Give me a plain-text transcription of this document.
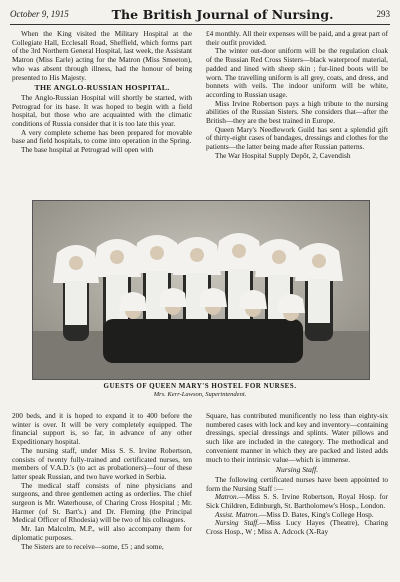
October 9, 1915	The British Journal of Nursing.	293

When the King visited the Military Hospital at the Collegiate Hall, Ecclesall Road, Sheffield, which forms part of the 3rd Northern General Hospital, last week, the Assistant Matron (Miss Earle) acting for the Matron (Miss Smeeton), who was absent through illness, had the honour of being presented to His Majesty.

THE ANGLO-RUSSIAN HOSPITAL.

The Anglo-Russian Hospital will shortly be started, with Petrograd for its base. It was hoped to begin with a field hospital, but those who are acquainted with the climatic conditions of Russia consider that it is too late this year.

A very complete scheme has been prepared for movable base and field hospitals, to come into operation in the Spring.

The base hospital at Petrograd will open with

£4 monthly. All their expenses will be paid, and a great part of their outfit provided.

The winter out-door uniform will be the regulation cloak of the Russian Red Cross Sisters—black waterproof material, padded and lined with sheep skin ; fur-lined boots will be worn. The travelling uniform is all grey, coats, and dress, and bonnets with veils. The indoor uniform will be white, according to Russian usage.

Miss Irvine Robertson pays a high tribute to the nursing abilities of the Russian Sisters. She considers that—after the British—they are the best trained in Europe.

Queen Mary's Needlework Guild has sent a splendid gift of thirty-eight cases of bandages, dressings and clothes for the patients—the latter being made after Russian patterns.

The War Hospital Supply Depôt, 2, Cavendish

GUESTS OF QUEEN MARY'S HOSTEL FOR NURSES.
Mrs. Kerr-Lawson, Superintendent.

200 beds, and it is hoped to expand it to 400 before the winter is over. It will be very completely equipped. The financial support is, so far, in advance of any other Expeditionary hospital.

The nursing staff, under Miss S. S. Irvine Robertson, consists of twenty fully-trained and certificated nurses, ten members of V.A.D.'s (to act as probationers)—four of these latter speak Russian, and two have worked in Serbia.

The medical staff consists of nine physicians and surgeons, and three gentlemen acting as orderlies. The chief surgeon is Mr. Waterhouse, of Charing Cross Hospital ; Mr. Harmer (of St. Bart's.) and Dr. Fleming (the Principal Medical Officer of Rhodesia) will be two of his colleagues.

Mr. Ian Malcolm, M.P., will also accompany them for diplomatic purposes.

The Sisters are to receive—some, £5 ; and some,

Square, has contributed munificently no less than eighty-six numbered cases with lock and key and inventory—containing dressings, special dressings and splints. Water pillows and such like are included in the category. The methodical and convenient manner in which they are packed and listed adds much to their intrinsic value—which is immense.

Nursing Staff.

The following certificated nurses have been appointed to form the Nursing Staff :—

Matron.—Miss S. S. Irvine Robertson, Royal Hosp. for Sick Children, Edinburgh, St. Bartholomew's Hosp., London.

Assist. Matron.—Miss D. Bates, King's College Hosp.

Nursing Staff.—Miss Lucy Hayes (Theatre), Charing Cross Hosp., W ; Miss A. Adcock (X-Ray
